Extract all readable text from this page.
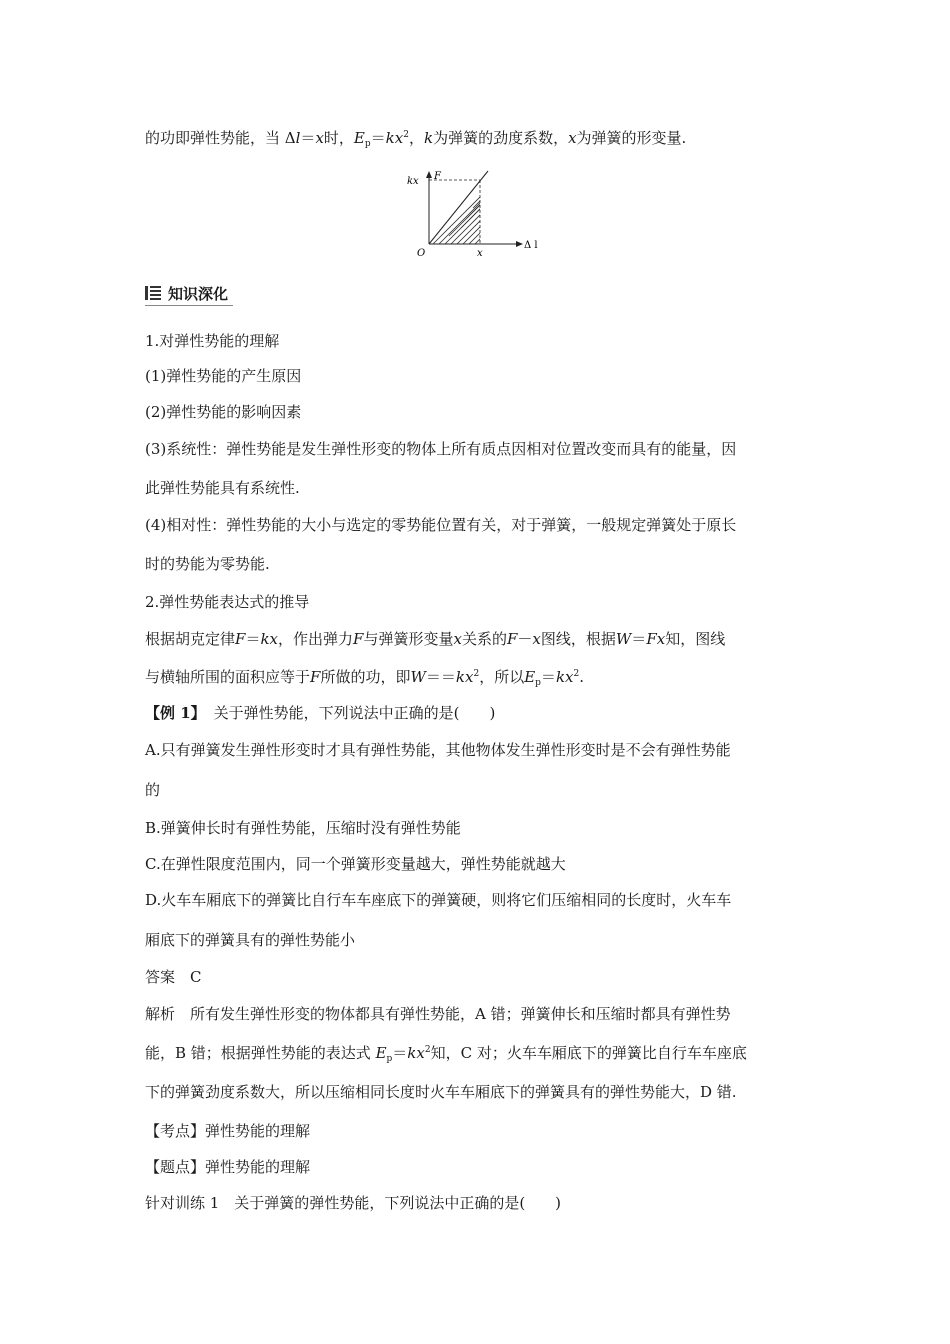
的功即弹性势能，当 Δl＝x时，$E_p=kx^2$，k为弹簧的劲度系数，x为弹簧的形变量.
F
kx
O	x
Δ l
知识深化
1.对弹性势能的理解
(1)弹性势能的产生原因
(2)弹性势能的影响因素
(3)系统性：弹性势能是发生弹性形变的物体上所有质点因相对位置改变而具有的能量，因
此弹性势能具有系统性.
(4)相对性：弹性势能的大小与选定的零势能位置有关，对于弹簧，一般规定弹簧处于原长
时的势能为零势能.
2.弹性势能表达式的推导
根据胡克定律F＝kx，作出弹力F与弹簧形变量x关系的F－x图线，根据W＝Fx知，图线
与横轴所围的面积应等于F所做的功，即$W==kx^2$，所以$E_p=kx^2$.
【例 1】 关于弹性势能，下列说法中正确的是(　　)
A.只有弹簧发生弹性形变时才具有弹性势能，其他物体发生弹性形变时是不会有弹性势能
的
B.弹簧伸长时有弹性势能，压缩时没有弹性势能
C.在弹性限度范围内，同一个弹簧形变量越大，弹性势能就越大
D.火车车厢底下的弹簧比自行车车座底下的弹簧硬，则将它们压缩相同的长度时，火车车
厢底下的弹簧具有的弹性势能小
答案　C
解析　所有发生弹性形变的物体都具有弹性势能，A 错；弹簧伸长和压缩时都具有弹性势
能，B 错；根据弹性势能的表达式 $E_p=kx^2$知，C 对；火车车厢底下的弹簧比自行车车座底
下的弹簧劲度系数大，所以压缩相同长度时火车车厢底下的弹簧具有的弹性势能大，D 错.
【考点】弹性势能的理解
【题点】弹性势能的理解
针对训练 1　关于弹簧的弹性势能，下列说法中正确的是(　　)
